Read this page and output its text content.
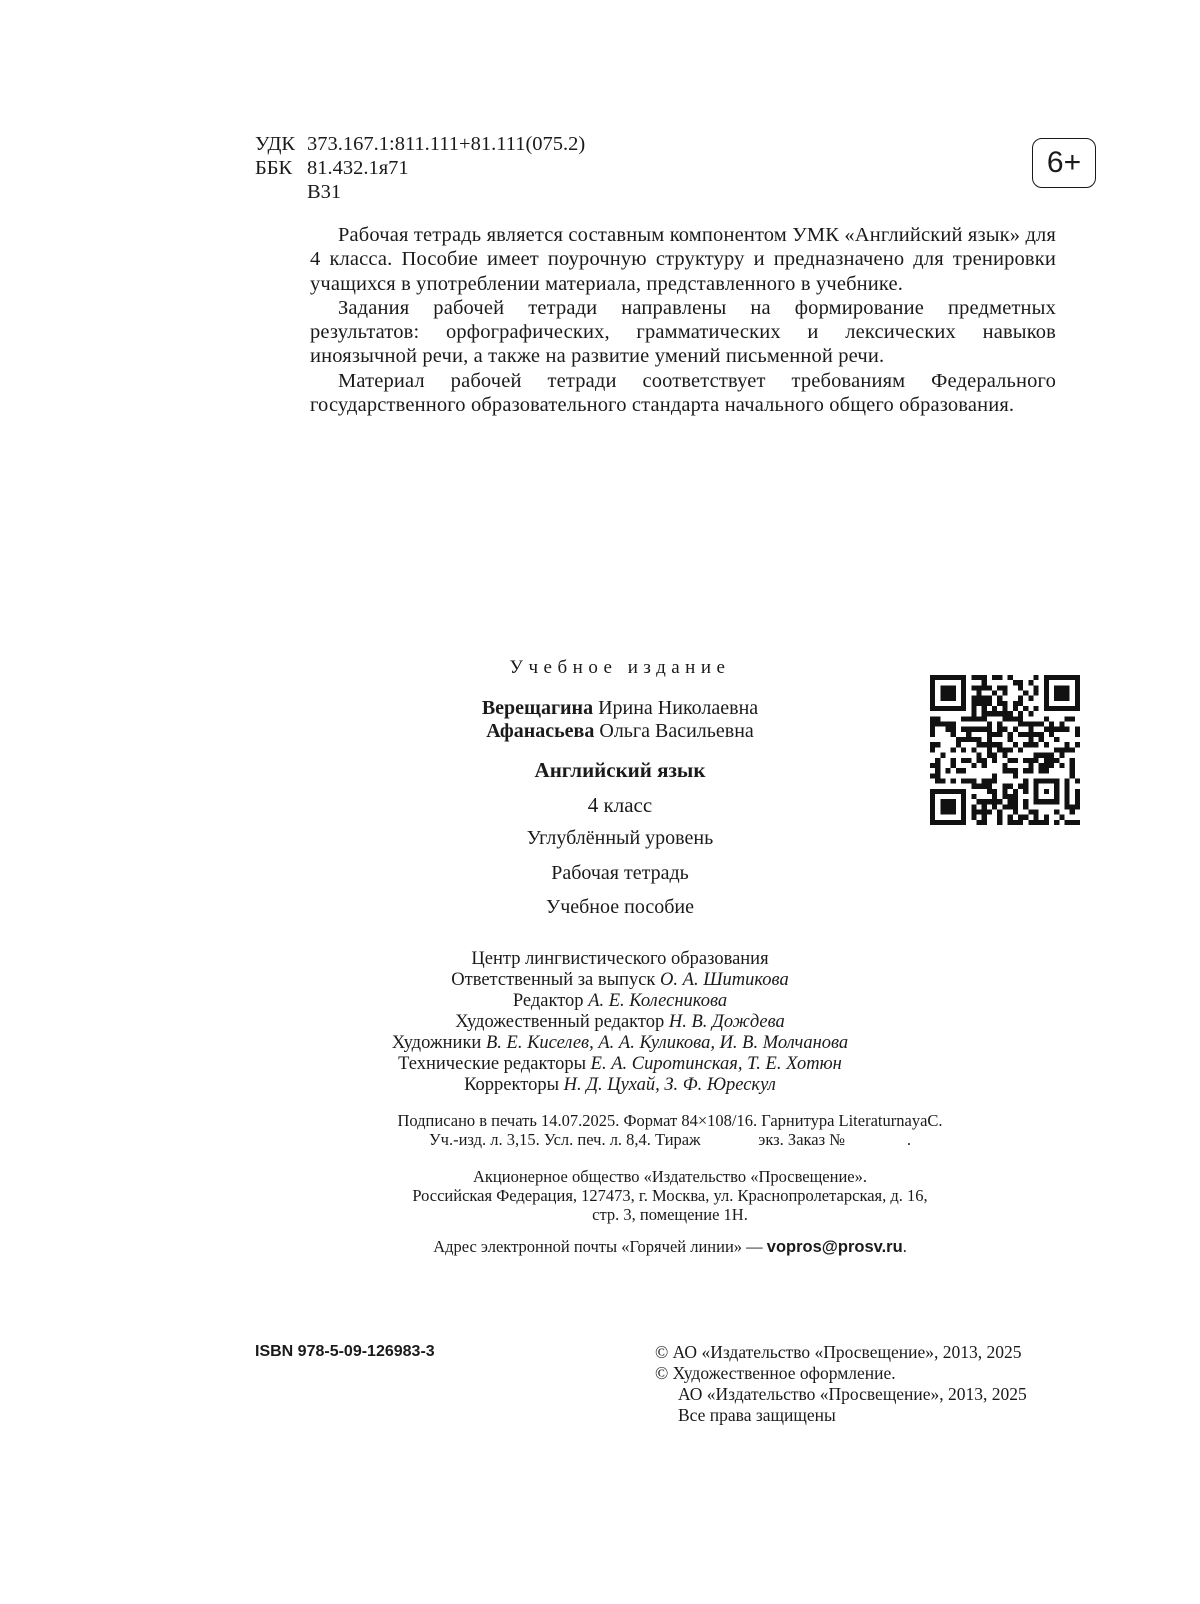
УДК 373.167.1:811.111+81.111(075.2)
ББК 81.432.1я71
В31
6+

Рабочая тетрадь является составным компонентом УМК «Английский язык» для 4 класса. Пособие имеет поурочную структуру и предназначено для тренировки учащихся в употреблении материала, представленного в учебнике.

Задания рабочей тетради направлены на формирование предметных результатов: орфографических, грамматических и лексических навыков иноязычной речи, а также на развитие умений письменной речи.

Материал рабочей тетради соответствует требованиям Федерального государственного образовательного стандарта начального общего образования.

Учебное издание
Верещагина Ирина Николаевна
Афанасьева Ольга Васильевна
Английский язык
4 класс
Углублённый уровень
Рабочая тетрадь
Учебное пособие
Центр лингвистического образования
Ответственный за выпуск О. А. Шитикова
Редактор А. Е. Колесникова
Художественный редактор Н. В. Дождева
Художники В. Е. Киселев, А. А. Куликова, И. В. Молчанова
Технические редакторы Е. А. Сиротинская, Т. Е. Хотюн
Корректоры Н. Д. Цухай, З. Ф. Юрескул
Подписано в печать 14.07.2025. Формат 84×108/16. Гарнитура LiteraturnayaC.
Уч.-изд. л. 3,15. Усл. печ. л. 8,4. Тираж              экз. Заказ №               .
Акционерное общество «Издательство «Просвещение».
Российская Федерация, 127473, г. Москва, ул. Краснопролетарская, д. 16,
стр. 3, помещение 1Н.
Адрес электронной почты «Горячей линии» — vopros@prosv.ru.
ISBN 978-5-09-126983-3	© АО «Издательство «Просвещение», 2013, 2025
© Художественное оформление.
АО «Издательство «Просвещение», 2013, 2025
Все права защищены
